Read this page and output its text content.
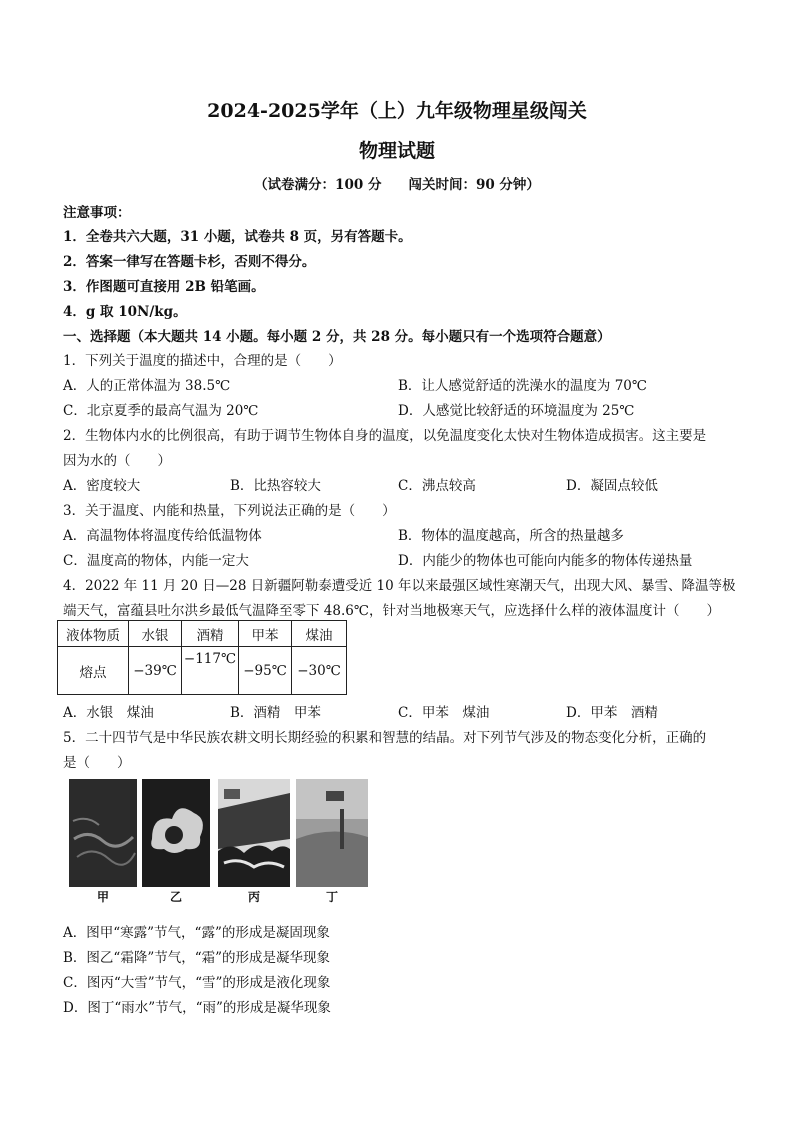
2024-2025学年（上）九年级物理星级闯关
物理试题
（试卷满分：100 分　　闯关时间：90 分钟）
注意事项：
1．全卷共六大题，31 小题，试卷共 8 页，另有答题卡。
2．答案一律写在答题卡杉，否则不得分。
3．作图题可直接用 2B 铅笔画。
4．g 取 10N/kg。
一、选择题（本大题共 14 小题。每小题 2 分，共 28 分。每小题只有一个选项符合题意）
1．下列关于温度的描述中，合理的是（　　）
A．人的正常体温为 38.5℃	B．让人感觉舒适的洗澡水的温度为 70℃
C．北京夏季的最高气温为 20℃	D．人感觉比较舒适的环境温度为 25℃
2．生物体内水的比例很高，有助于调节生物体自身的温度，以免温度变化太快对生物体造成损害。这主要是
因为水的（　　）
A．密度较大	B．比热容较大	C．沸点较高	D．凝固点较低
3．关于温度、内能和热量，下列说法正确的是（　　）
A．高温物体将温度传给低温物体	B．物体的温度越高，所含的热量越多
C．温度高的物体，内能一定大	D．内能少的物体也可能向内能多的物体传递热量
4．2022 年 11 月 20 日—28 日新疆阿勒泰遭受近 10 年以来最强区域性寒潮天气，出现大风、暴雪、降温等极
端天气，富蕴县吐尔洪乡最低气温降至零下 48.6℃，针对当地极寒天气，应选择什么样的液体温度计（　　）
液体物质	水银	酒精	甲苯	煤油
熔点	−39℃	−117℃	−95℃	−30℃
A．水银　煤油	B．酒精　甲苯	C．甲苯　煤油	D．甲苯　酒精
5．二十四节气是中华民族农耕文明长期经验的积累和智慧的结晶。对下列节气涉及的物态变化分析，正确的
是（　　）
甲	乙	丙	丁
A．图甲“寒露”节气，“露”的形成是凝固现象
B．图乙“霜降”节气，“霜”的形成是凝华现象
C．图丙“大雪”节气，“雪”的形成是液化现象
D．图丁“雨水”节气，“雨”的形成是凝华现象
